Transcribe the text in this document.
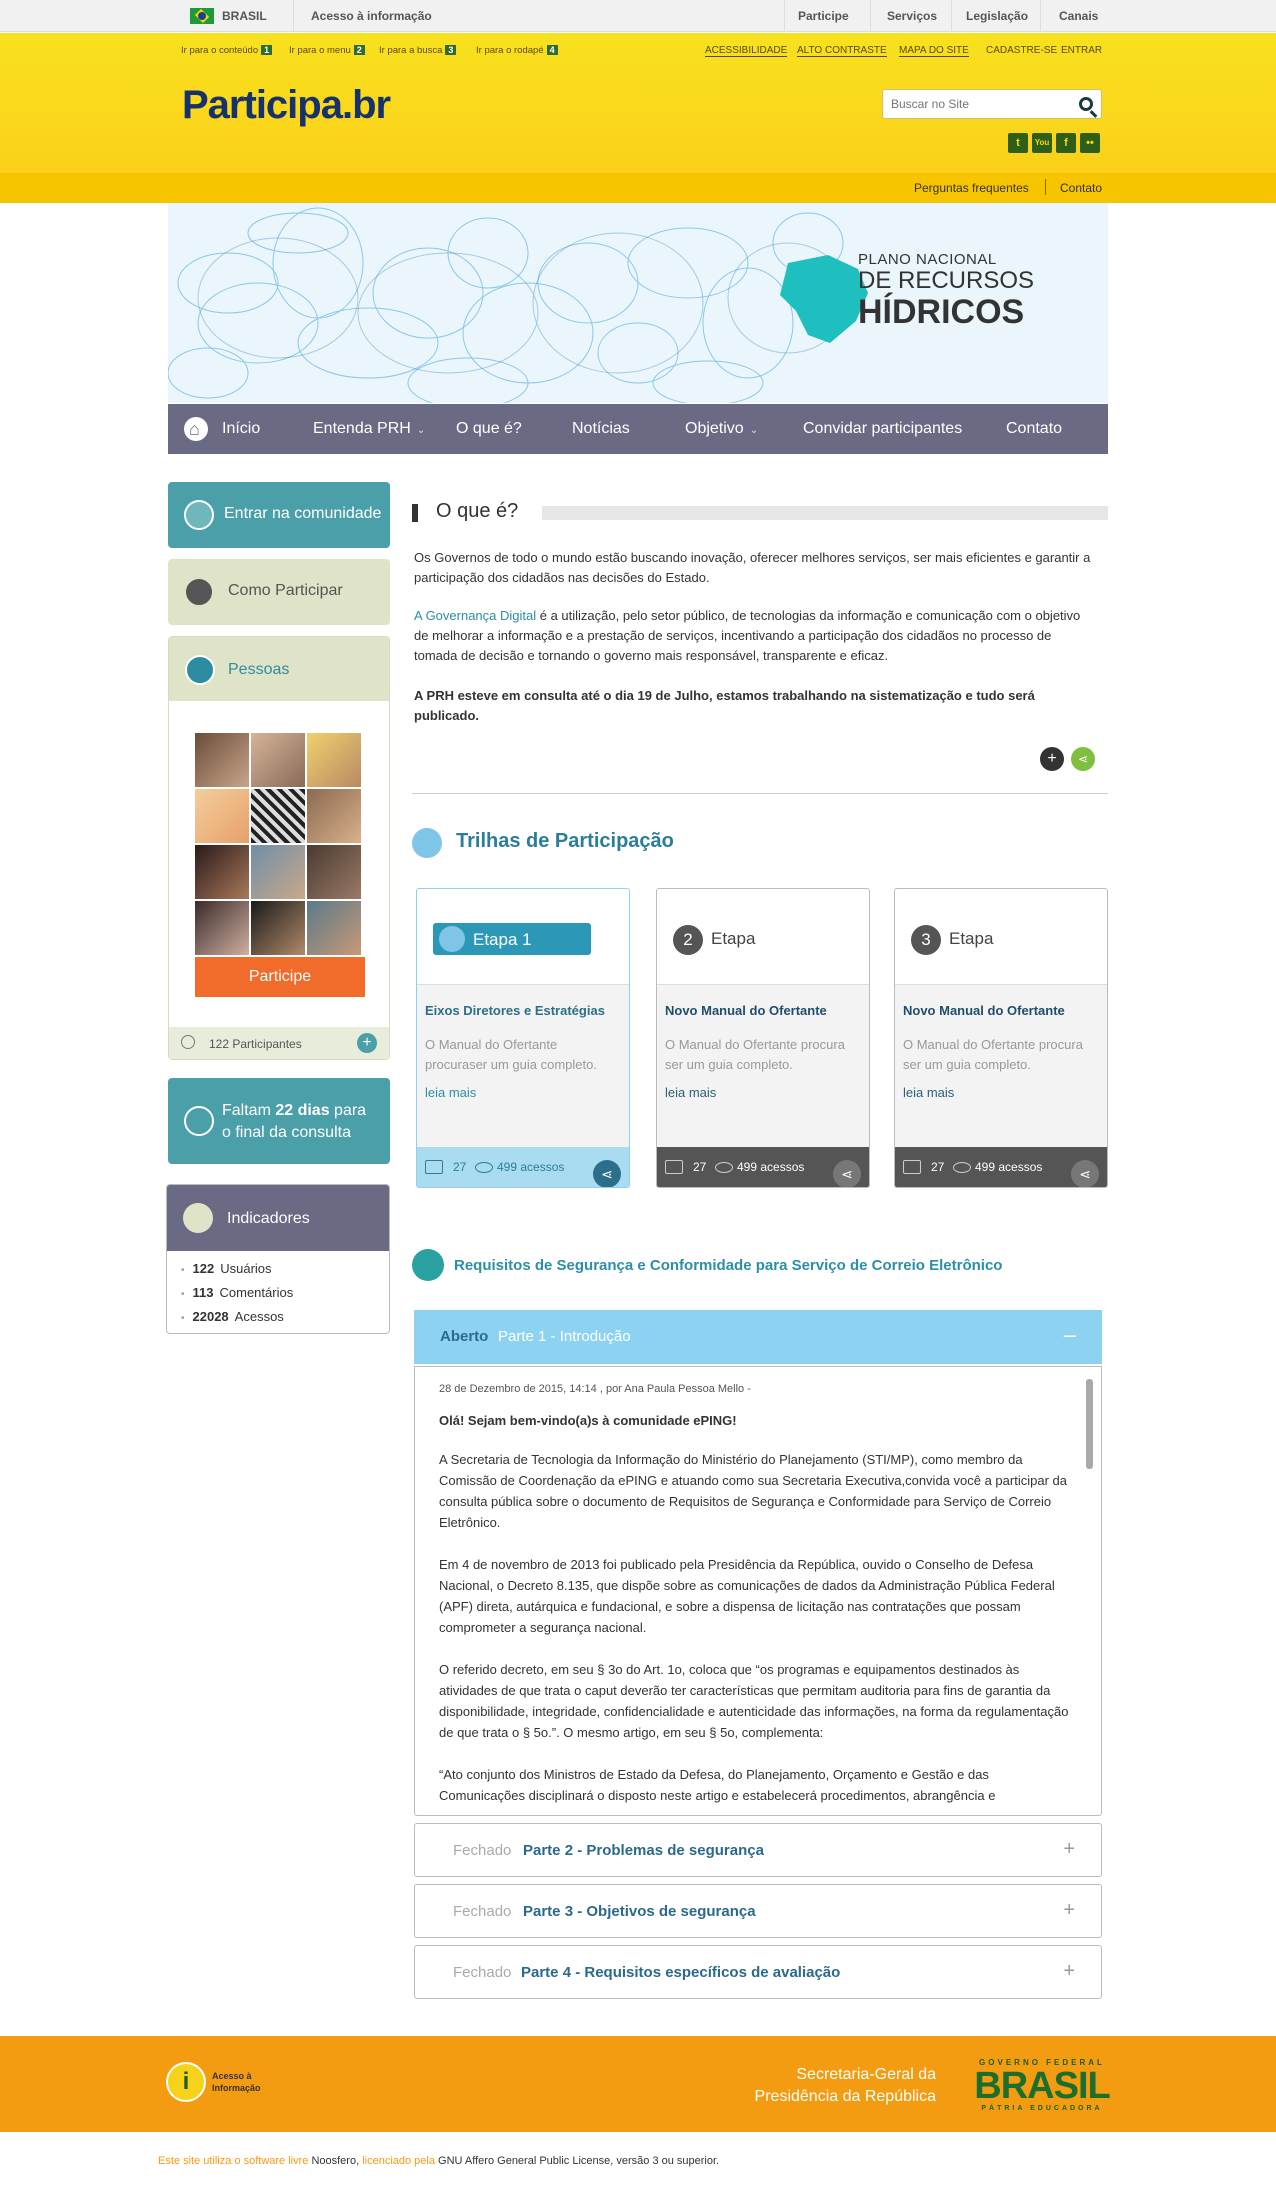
BRASIL	Acesso à informação	Participe	Serviços Legislação	Canais
Ir para o conteúdo 1	Ir para o menu 2	Ir para a busca 3	Ir para o rodapé 4	ACESSIBILIDADE ALTO CONTRASTE MAPA DO SITE CADASTRE-SE ENTRAR
Participa.br
Buscar no Site
t	You	f	••
Perguntas frequentes	Contato
PLANO NACIONAL
DE RECURSOS
HÍDRICOS
⌂
Início	Entenda PRH ⌄ O que é?	Notícias	Objetivo ⌄	Convidar participantes	Contato
Entrar na comunidade
Como Participar
Pessoas
Participe
122 Participantes	+
Faltam 22 dias para
o final da consulta
Indicadores
• 122 Usuários
• 113 Comentários
• 22028 Acessos
O que é?
Os Governos de todo o mundo estão buscando inovação, oferecer melhores serviços, ser mais eficientes e garantir a participação dos cidadãos nas decisões do Estado.
A Governança Digital é a utilização, pelo setor público, de tecnologias da informação e comunicação com o objetivo de melhorar a informação e a prestação de serviços, incentivando a participação dos cidadãos no processo de tomada de decisão e tornando o governo mais responsável, transparente e eficaz.
A PRH esteve em consulta até o dia 19 de Julho, estamos trabalhando na sistematização e tudo será publicado.
+	⋖
Trilhas de Participação
Etapa 1
Eixos Diretores e Estratégias
O Manual do Ofertante procuraser um guia completo.
leia mais
27	499 acessos	⋖
2	Etapa
Novo Manual do Ofertante
O Manual do Ofertante procura ser um guia completo.
leia mais
27	499 acessos	⋖
3	Etapa
Novo Manual do Ofertante
O Manual do Ofertante procura ser um guia completo.
leia mais
27	499 acessos	⋖
Requisitos de Segurança e Conformidade para Serviço de Correio Eletrônico
Aberto Parte 1 - Introdução	–
28 de Dezembro de 2015, 14:14 , por Ana Paula Pessoa Mello -
Olá! Sejam bem-vindo(a)s à comunidade ePING!

A Secretaria de Tecnologia da Informação do Ministério do Planejamento (STI/MP), como membro da Comissão de Coordenação da ePING e atuando como sua Secretaria Executiva,convida você a participar da consulta pública sobre o documento de Requisitos de Segurança e Conformidade para Serviço de Correio Eletrônico.

Em 4 de novembro de 2013 foi publicado pela Presidência da República, ouvido o Conselho de Defesa Nacional, o Decreto 8.135, que dispõe sobre as comunicações de dados da Administração Pública Federal (APF) direta, autárquica e fundacional, e sobre a dispensa de licitação nas contratações que possam comprometer a segurança nacional.

O referido decreto, em seu § 3o do Art. 1o, coloca que “os programas e equipamentos destinados às atividades de que trata o caput deverão ter características que permitam auditoria para fins de garantia da disponibilidade, integridade, confidencialidade e autenticidade das informações, na forma da regulamentação de que trata o § 5o.”. O mesmo artigo, em seu § 5o, complementa:

“Ato conjunto dos Ministros de Estado da Defesa, do Planejamento, Orçamento e Gestão e das Comunicações disciplinará o disposto neste artigo e estabelecerá procedimentos, abrangência e

Fechado Parte 2 - Problemas de segurança	+
Fechado Parte 3 - Objetivos de segurança	+
Fechado Parte 4 - Requisitos específicos de avaliação	+
i	Acesso à
Informação
Secretaria-Geral da
Presidência da República
GOVERNO FEDERAL
BRASIL
PÁTRIA EDUCADORA
Este site utiliza o software livre Noosfero, licenciado pela GNU Affero General Public License, versão 3 ou superior.
